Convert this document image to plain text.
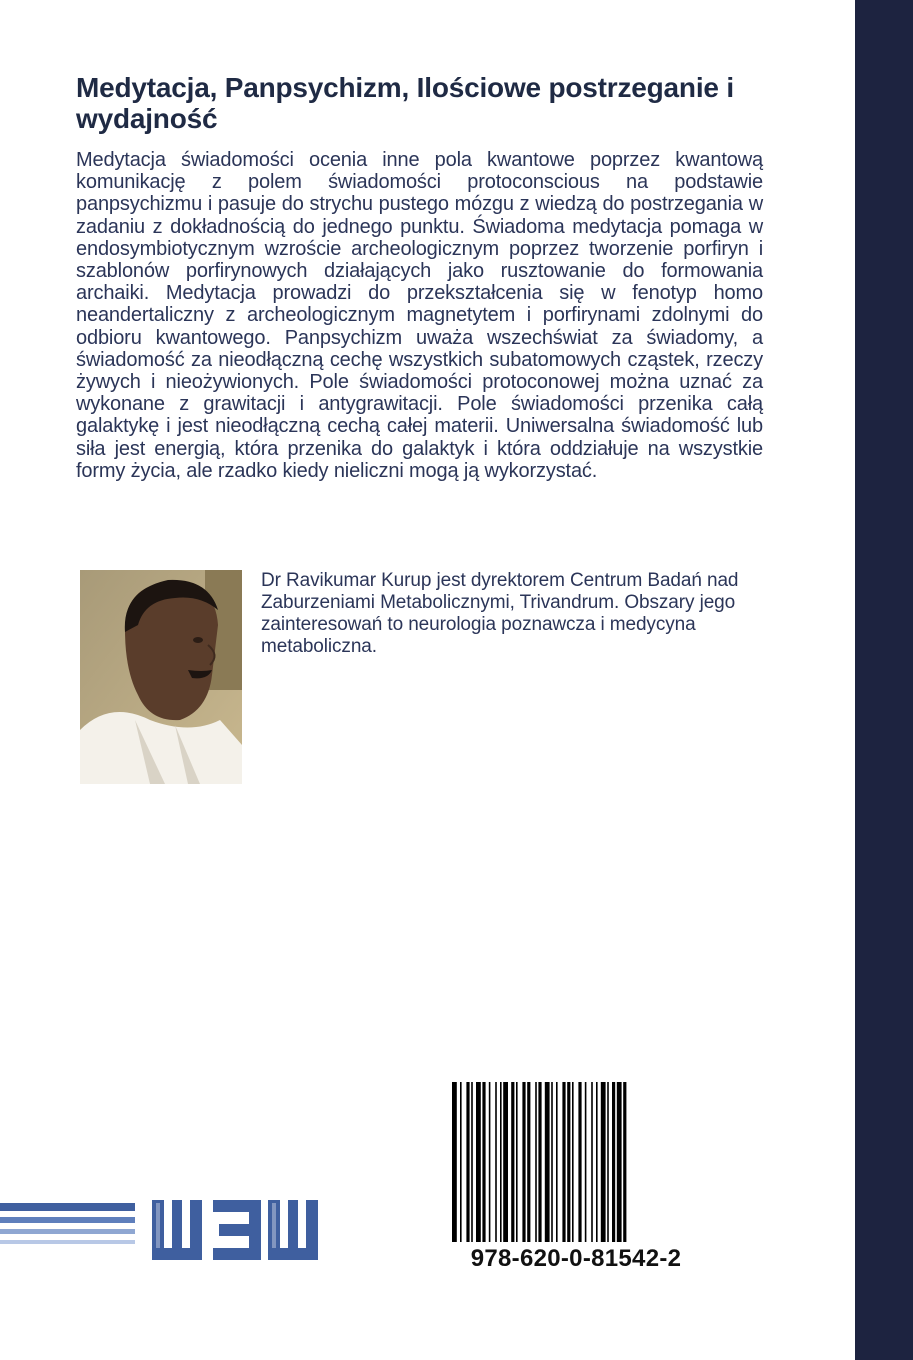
Medytacja, Panpsychizm, Ilościowe postrzeganie i wydajność

Medytacja świadomości ocenia inne pola kwantowe poprzez kwantową komunikację z polem świadomości protoconscious na podstawie panpsychizmu i pasuje do strychu pustego mózgu z wiedzą do postrzegania w zadaniu z dokładnością do jednego punktu. Świadoma medytacja pomaga w endosymbiotycznym wzroście archeologicznym poprzez tworzenie porfiryn i szablonów porfirynowych działających jako rusztowanie do formowania archaiki. Medytacja prowadzi do przekształcenia się w fenotyp homo neandertaliczny z archeologicznym magnetytem i porfirynami zdolnymi do odbioru kwantowego. Panpsychizm uważa wszechświat za świadomy, a świadomość za nieodłączną cechę wszystkich subatomowych cząstek, rzeczy żywych i nieożywionych. Pole świadomości protoconowej można uznać za wykonane z grawitacji i antygrawitacji. Pole świadomości przenika całą galaktykę i jest nieodłączną cechą całej materii. Uniwersalna świadomość lub siła jest energią, która przenika do galaktyk i która oddziałuje na wszystkie formy życia, ale rzadko kiedy nieliczni mogą ją wykorzystać.

Dr Ravikumar Kurup jest dyrektorem Centrum Badań nad Zaburzeniami Metabolicznymi, Trivandrum. Obszary jego zainteresowań to neurologia poznawcza i medycyna metaboliczna.

978-620-0-81542-2
